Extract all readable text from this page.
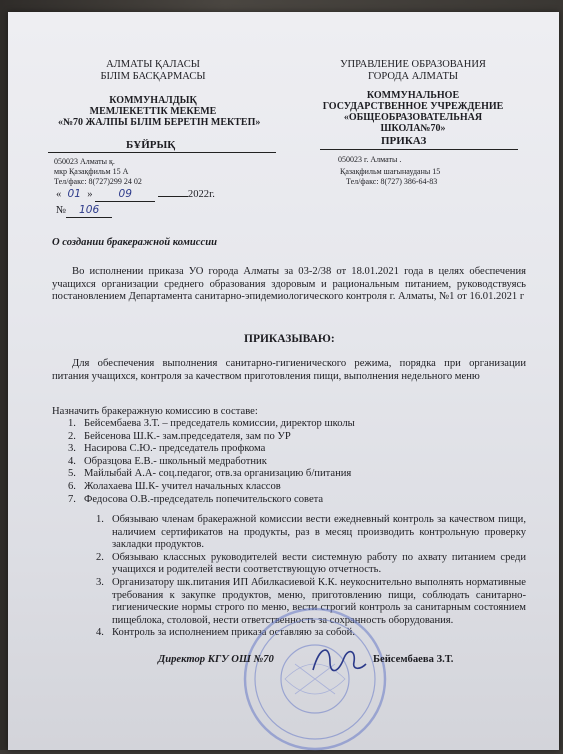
АЛМАТЫ ҚАЛАСЫ
БІЛІМ БАСҚАРМАСЫ
КОММУНАЛДЫҚ
МЕМЛЕКЕТТІК МЕКЕМЕ
«№70 ЖАЛПЫ БІЛІМ БЕРЕТІН МЕКТЕП»
БҰЙРЫҚ
050023 Алматы қ.
мкр Қазақфильм 15 А
Тел/факс: 8(727)299 24 02
УПРАВЛЕНИЕ ОБРАЗОВАНИЯ
ГОРОДА АЛМАТЫ
КОММУНАЛЬНОЕ
ГОСУДАРСТВЕННОЕ УЧРЕЖДЕНИЕ
«ОБЩЕОБРАЗОВАТЕЛЬНАЯ
ШКОЛА№70»
ПРИКАЗ
050023 г. Алматы .
Қазақфильм шағынауданы 15
Тел/факс: 8(727) 386-64-83
« 01 » 09	2022г.
№ 106
О создании бракеражной комиссии
Во исполнении приказа УО города Алматы за 03-2/38 от 18.01.2021 года в целях обеспечения учащихся организации среднего образования здоровым и рациональным питанием, руководствуясь постановлением Департамента санитарно-эпидемиологического контроля г. Алматы, №1 от 16.01.2021 г
ПРИКАЗЫВАЮ:
Для обеспечения выполнения санитарно-гигиенического режима, порядка при организации питания учащихся, контроля за качеством приготовления пищи, выполнения недельного меню
Назначить бракеражную комиссию в составе:
1. Бейсембаева З.Т. – председатель комиссии, директор школы
2. Бейсенова Ш.К.- зам.председателя, зам по УР
3. Насирова С.Ю.- председатель профкома
4. Образцова Е.В.- школьный медработник
5. Майлыбай А.А- соц.педагог, отв.за организацию б/питания
6. Жолахаева Ш.К- учител начальных классов
7. Федосова О.В.-председатель попечительского совета
1. Обязываю членам бракеражной комиссии вести ежедневный контроль за качеством пищи, наличием сертификатов на продукты, раз в месяц производить контрольную проверку закладки продуктов.
2. Обязываю классных руководителей вести системную работу по ахвату питанием среди учащихся и родителей вести соответствующую отчетность.
3. Организатору шк.питания ИП Абилкасиевой К.К. неукоснительно выполнять нормативные требования к закупке продуктов, меню, приготовлению пищи, соблюдать санитарно-гигиенические нормы строго по меню, вести строгий контроль за санитарным состоянием пищеблока, столовой, нести ответственность за сохранность оборудования.
4. Контроль за исполнением приказа оставляю за собой.
Директор КГУ ОШ №70	Бейсембаева З.Т.
